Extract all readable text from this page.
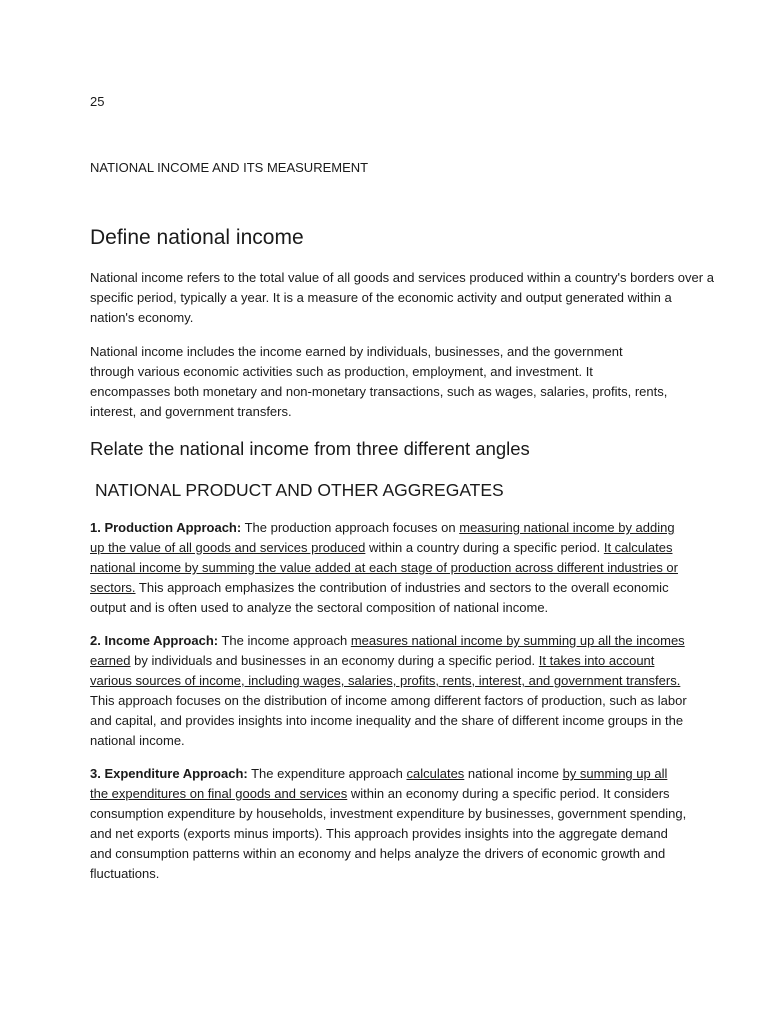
25
NATIONAL INCOME AND ITS MEASUREMENT
Define national income

National income refers to the total value of all goods and services produced within a country's borders over a specific period, typically a year. It is a measure of the economic activity and output generated within a nation's economy.

National income includes the income earned by individuals, businesses, and the government through various economic activities such as production, employment, and investment. It encompasses both monetary and non-monetary transactions, such as wages, salaries, profits, rents, interest, and government transfers.

Relate the national income from three different angles
NATIONAL PRODUCT AND OTHER AGGREGATES

1. Production Approach: The production approach focuses on measuring national income by adding up the value of all goods and services produced within a country during a specific period. It calculates national income by summing the value added at each stage of production across different industries or sectors. This approach emphasizes the contribution of industries and sectors to the overall economic output and is often used to analyze the sectoral composition of national income.

2. Income Approach: The income approach measures national income by summing up all the incomes earned by individuals and businesses in an economy during a specific period. It takes into account various sources of income, including wages, salaries, profits, rents, interest, and government transfers. This approach focuses on the distribution of income among different factors of production, such as labor and capital, and provides insights into income inequality and the share of different income groups in the national income.

3. Expenditure Approach: The expenditure approach calculates national income by summing up all the expenditures on final goods and services within an economy during a specific period. It considers consumption expenditure by households, investment expenditure by businesses, government spending, and net exports (exports minus imports). This approach provides insights into the aggregate demand and consumption patterns within an economy and helps analyze the drivers of economic growth and fluctuations.
